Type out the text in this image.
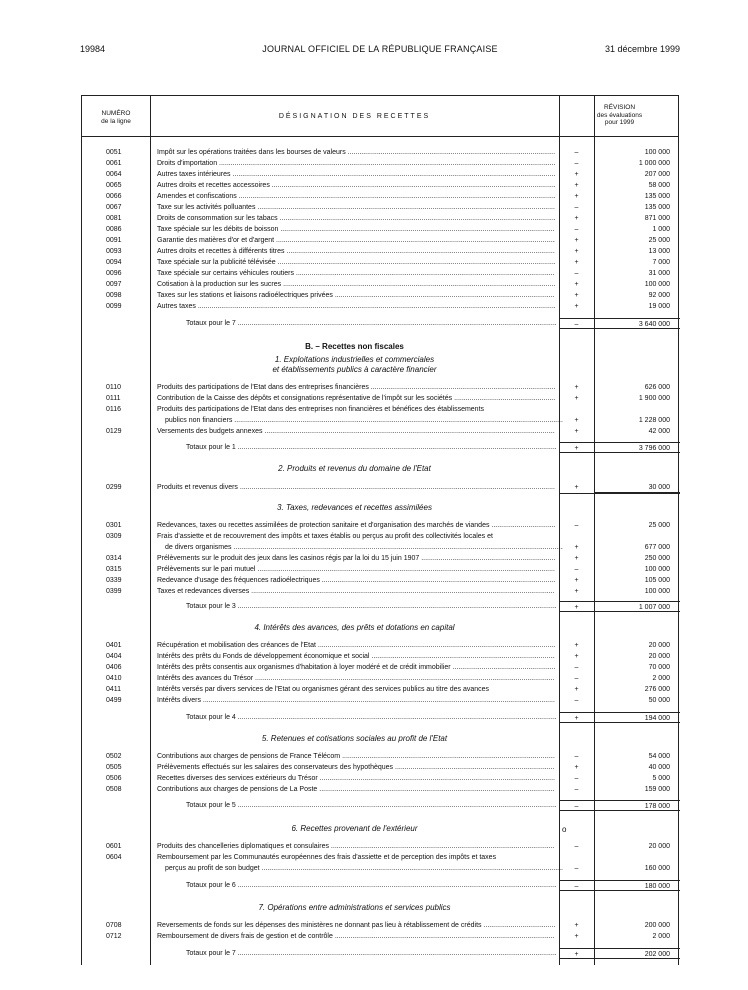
19984	JOURNAL OFFICIEL DE LA RÉPUBLIQUE FRANÇAISE	31 décembre 1999
NUMÉRO
de la ligne
DÉSIGNATION DES RECETTES
RÉVISION
des évaluations
pour 1999
0051	Impôt sur les opérations traitées dans les bourses de valeurs .....	–	100 000
0061	Droits d'importation .....	–	1 000 000
0064	Autres taxes intérieures .....	+	207 000
0065	Autres droits et recettes accessoires .....	+	58 000
0066	Amendes et confiscations .....	+	135 000
0067	Taxe sur les activités polluantes .....	–	135 000
0081	Droits de consommation sur les tabacs .....	+	871 000
0086	Taxe spéciale sur les débits de boisson .....	–	1 000
0091	Garantie des matières d'or et d'argent .....	+	25 000
0093	Autres droits et recettes à différents titres .....	+	13 000
0094	Taxe spéciale sur la publicité télévisée .....	+	7 000
0096	Taxe spéciale sur certains véhicules routiers .....	–	31 000
0097	Cotisation à la production sur les sucres .....	+	100 000
0098	Taxes sur les stations et liaisons radioélectriques privées .....	+	92 000
0099	Autres taxes .....	+	19 000
Totaux pour le 7 .....	–	3 640 000
B. – Recettes non fiscales
1. Exploitations industrielles et commerciales
et établissements publics à caractère financier
0110	Produits des participations de l'Etat dans des entreprises financières .....	+	626 000
0111	Contribution de la Caisse des dépôts et consignations représentative de l'impôt sur les sociétés .....	+	1 900 000
0116	Produits des participations de l'Etat dans des entreprises non financières et bénéfices des établissements
publics non financiers .....	+	1 228 000
0129	Versements des budgets annexes .....	+	42 000
Totaux pour le 1 .....	+	3 796 000
2. Produits et revenus du domaine de l'Etat
0299	Produits et revenus divers .....	+	30 000
3. Taxes, redevances et recettes assimilées
0301	Redevances, taxes ou recettes assimilées de protection sanitaire et d'organisation des marchés de viandes .....	–	25 000
0309	Frais d'assiette et de recouvrement des impôts et taxes établis ou perçus au profit des collectivités locales et
de divers organismes .....	+	677 000
0314	Prélèvements sur le produit des jeux dans les casinos régis par la loi du 15 juin 1907 .....	+	250 000
0315	Prélèvements sur le pari mutuel .....	–	100 000
0339	Redevance d'usage des fréquences radioélectriques .....	+	105 000
0399	Taxes et redevances diverses .....	+	100 000
Totaux pour le 3 .....	+	1 007 000
4. Intérêts des avances, des prêts et dotations en capital
0401	Récupération et mobilisation des créances de l'Etat .....	+	20 000
0404	Intérêts des prêts du Fonds de développement économique et social .....	+	20 000
0406	Intérêts des prêts consentis aux organismes d'habitation à loyer modéré et de crédit immobilier .....	–	70 000
0410	Intérêts des avances du Trésor .....	–	2 000
0411	Intérêts versés par divers services de l'Etat ou organismes gérant des services publics au titre des avances	+	276 000
0499	Intérêts divers .....	–	50 000
Totaux pour le 4 .....	+	194 000
5. Retenues et cotisations sociales au profit de l'Etat
0502	Contributions aux charges de pensions de France Télécom .....	–	54 000
0505	Prélèvements effectués sur les salaires des conservateurs des hypothèques .....	+	40 000
0506	Recettes diverses des services extérieurs du Trésor .....	–	5 000
0508	Contributions aux charges de pensions de La Poste .....	–	159 000
Totaux pour le 5 .....	–	178 000
6. Recettes provenant de l'extérieur	o
0601	Produits des chancelleries diplomatiques et consulaires .....	–	20 000
0604	Remboursement par les Communautés européennes des frais d'assiette et de perception des impôts et taxes
perçus au profit de son budget .....	–	160 000
Totaux pour le 6 .....	–	180 000
7. Opérations entre administrations et services publics
0708	Reversements de fonds sur les dépenses des ministères ne donnant pas lieu à rétablissement de crédits .....	+	200 000
0712	Remboursement de divers frais de gestion et de contrôle .....	+	2 000
Totaux pour le 7 .....	+	202 000
